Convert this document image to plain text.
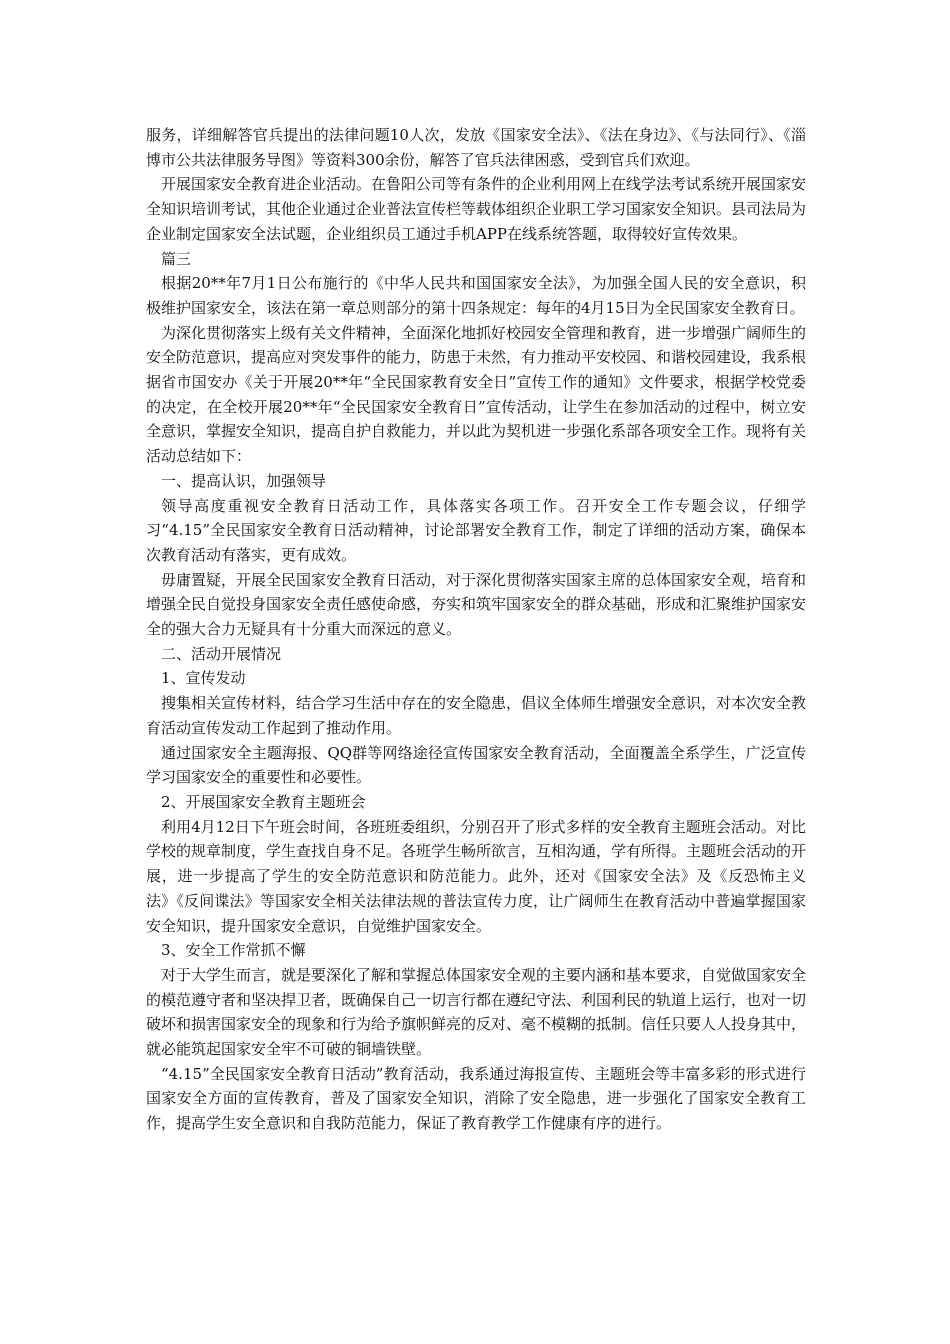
服务，详细解答官兵提出的法律问题10人次，发放《国家安全法》、《法在身边》、《与法同行》、《淄博市公共法律服务导图》等资料300余份，解答了官兵法律困惑，受到官兵们欢迎。

开展国家安全教育进企业活动。在鲁阳公司等有条件的企业利用网上在线学法考试系统开展国家安全知识培训考试，其他企业通过企业普法宣传栏等载体组织企业职工学习国家安全知识。县司法局为企业制定国家安全法试题，企业组织员工通过手机APP在线系统答题，取得较好宣传效果。

篇三

根据20**年7月1日公布施行的《中华人民共和国国家安全法》，为加强全国人民的安全意识，积极维护国家安全，该法在第一章总则部分的第十四条规定：每年的4月15日为全民国家安全教育日。

为深化贯彻落实上级有关文件精神，全面深化地抓好校园安全管理和教育，进一步增强广阔师生的安全防范意识，提高应对突发事件的能力，防患于未然，有力推动平安校园、和谐校园建设，我系根据省市国安办《关于开展20**年“全民国家教育安全日”宣传工作的通知》文件要求，根据学校党委的决定，在全校开展20**年“全民国家安全教育日”宣传活动，让学生在参加活动的过程中，树立安全意识，掌握安全知识，提高自护自救能力，并以此为契机进一步强化系部各项安全工作。现将有关活动总结如下：

一、提高认识，加强领导

领导高度重视安全教育日活动工作，具体落实各项工作。召开安全工作专题会议，仔细学习“4.15”全民国家安全教育日活动精神，讨论部署安全教育工作，制定了详细的活动方案，确保本次教育活动有落实，更有成效。

毋庸置疑，开展全民国家安全教育日活动，对于深化贯彻落实国家主席的总体国家安全观，培育和增强全民自觉投身国家安全责任感使命感，夯实和筑牢国家安全的群众基础，形成和汇聚维护国家安全的强大合力无疑具有十分重大而深远的意义。

二、活动开展情况

1、宣传发动

搜集相关宣传材料，结合学习生活中存在的安全隐患，倡议全体师生增强安全意识，对本次安全教育活动宣传发动工作起到了推动作用。

通过国家安全主题海报、QQ群等网络途径宣传国家安全教育活动，全面覆盖全系学生，广泛宣传学习国家安全的重要性和必要性。

2、开展国家安全教育主题班会

利用4月12日下午班会时间，各班班委组织，分别召开了形式多样的安全教育主题班会活动。对比学校的规章制度，学生查找自身不足。各班学生畅所欲言，互相沟通，学有所得。主题班会活动的开展，进一步提高了学生的安全防范意识和防范能力。此外，还对《国家安全法》及《反恐怖主义法》《反间谍法》等国家安全相关法律法规的普法宣传力度，让广阔师生在教育活动中普遍掌握国家安全知识，提升国家安全意识，自觉维护国家安全。

3、安全工作常抓不懈

对于大学生而言，就是要深化了解和掌握总体国家安全观的主要内涵和基本要求，自觉做国家安全的模范遵守者和坚决捍卫者，既确保自己一切言行都在遵纪守法、利国利民的轨道上运行，也对一切破坏和损害国家安全的现象和行为给予旗帜鲜亮的反对、毫不模糊的抵制。信任只要人人投身其中，就必能筑起国家安全牢不可破的铜墙铁壁。

“4.15”全民国家安全教育日活动”教育活动，我系通过海报宣传、主题班会等丰富多彩的形式进行国家安全方面的宣传教育，普及了国家安全知识，消除了安全隐患，进一步强化了国家安全教育工作，提高学生安全意识和自我防范能力，保证了教育教学工作健康有序的进行。
